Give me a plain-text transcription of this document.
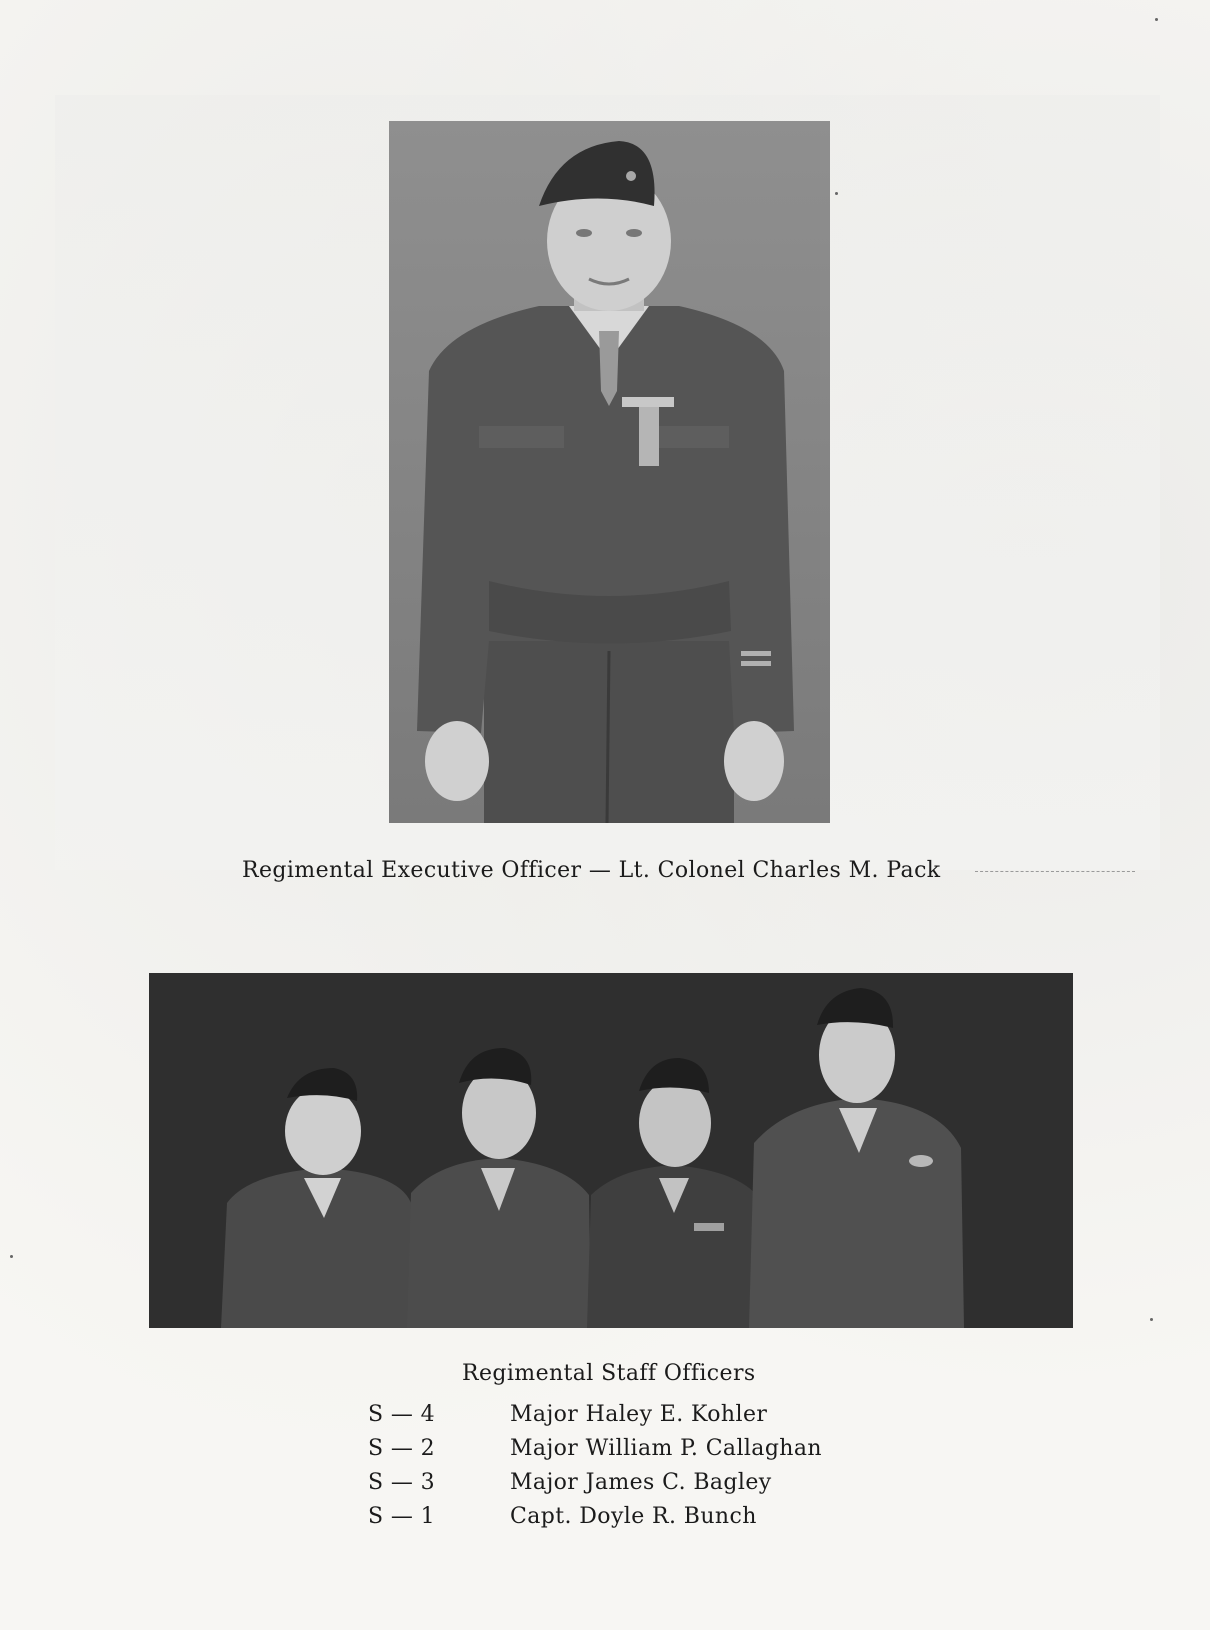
Regimental Executive Officer — Lt. Colonel Charles M. Pack
Regimental Staff Officers
S — 4	Major Haley E. Kohler
S — 2	Major William P. Callaghan
S — 3	Major James C. Bagley
S — 1	Capt. Doyle R. Bunch
